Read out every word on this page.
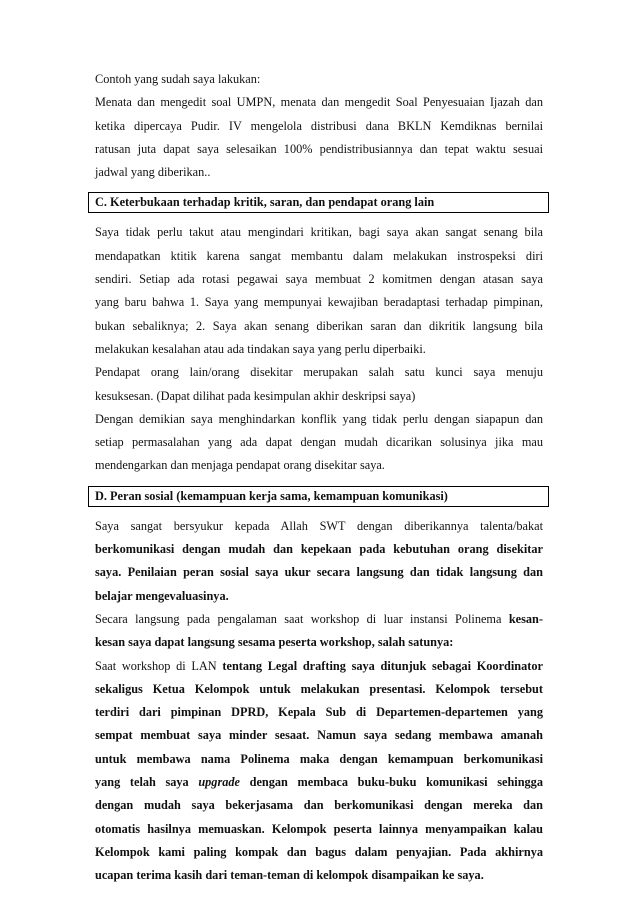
Contoh yang sudah saya lakukan:
Menata dan mengedit soal UMPN, menata dan mengedit Soal Penyesuaian Ijazah dan
ketika dipercaya Pudir. IV mengelola distribusi dana BKLN Kemdiknas bernilai
ratusan juta dapat saya selesaikan 100% pendistribusiannya dan tepat waktu sesuai
jadwal yang diberikan..
C. Keterbukaan terhadap kritik, saran, dan pendapat orang lain
Saya tidak perlu takut atau mengindari kritikan, bagi saya akan sangat senang bila
mendapatkan ktitik karena sangat membantu dalam melakukan instrospeksi diri
sendiri. Setiap ada rotasi pegawai saya membuat 2 komitmen dengan atasan saya
yang baru bahwa 1. Saya yang mempunyai kewajiban beradaptasi terhadap pimpinan,
bukan sebaliknya; 2. Saya akan senang diberikan saran dan dikritik langsung bila
melakukan kesalahan atau ada tindakan saya yang perlu diperbaiki.
Pendapat orang lain/orang disekitar merupakan salah satu kunci saya menuju
kesuksesan. (Dapat dilihat pada kesimpulan akhir deskripsi saya)
Dengan demikian saya menghindarkan konflik yang tidak perlu dengan siapapun dan
setiap permasalahan yang ada dapat dengan mudah dicarikan solusinya jika mau
mendengarkan dan menjaga pendapat orang disekitar saya.
D. Peran sosial (kemampuan kerja sama, kemampuan komunikasi)
Saya sangat bersyukur kepada Allah SWT dengan diberikannya talenta/bakat
berkomunikasi dengan mudah dan kepekaan pada kebutuhan orang disekitar
saya. Penilaian peran sosial saya ukur secara langsung dan tidak langsung dan
belajar mengevaluasinya.
Secara langsung pada pengalaman saat workshop di luar instansi Polinema kesan-
kesan saya dapat langsung sesama peserta workshop, salah satunya:
Saat workshop di LAN tentang Legal drafting saya ditunjuk sebagai Koordinator
sekaligus Ketua Kelompok untuk melakukan presentasi. Kelompok tersebut
terdiri dari pimpinan DPRD, Kepala Sub di Departemen-departemen yang
sempat membuat saya minder sesaat. Namun saya sedang membawa amanah
untuk membawa nama Polinema maka dengan kemampuan berkomunikasi
yang telah saya upgrade dengan membaca buku-buku komunikasi sehingga
dengan mudah saya bekerjasama dan berkomunikasi dengan mereka dan
otomatis hasilnya memuaskan. Kelompok peserta lainnya menyampaikan kalau
Kelompok kami paling kompak dan bagus dalam penyajian. Pada akhirnya
ucapan terima kasih dari teman-teman di kelompok disampaikan ke saya.
